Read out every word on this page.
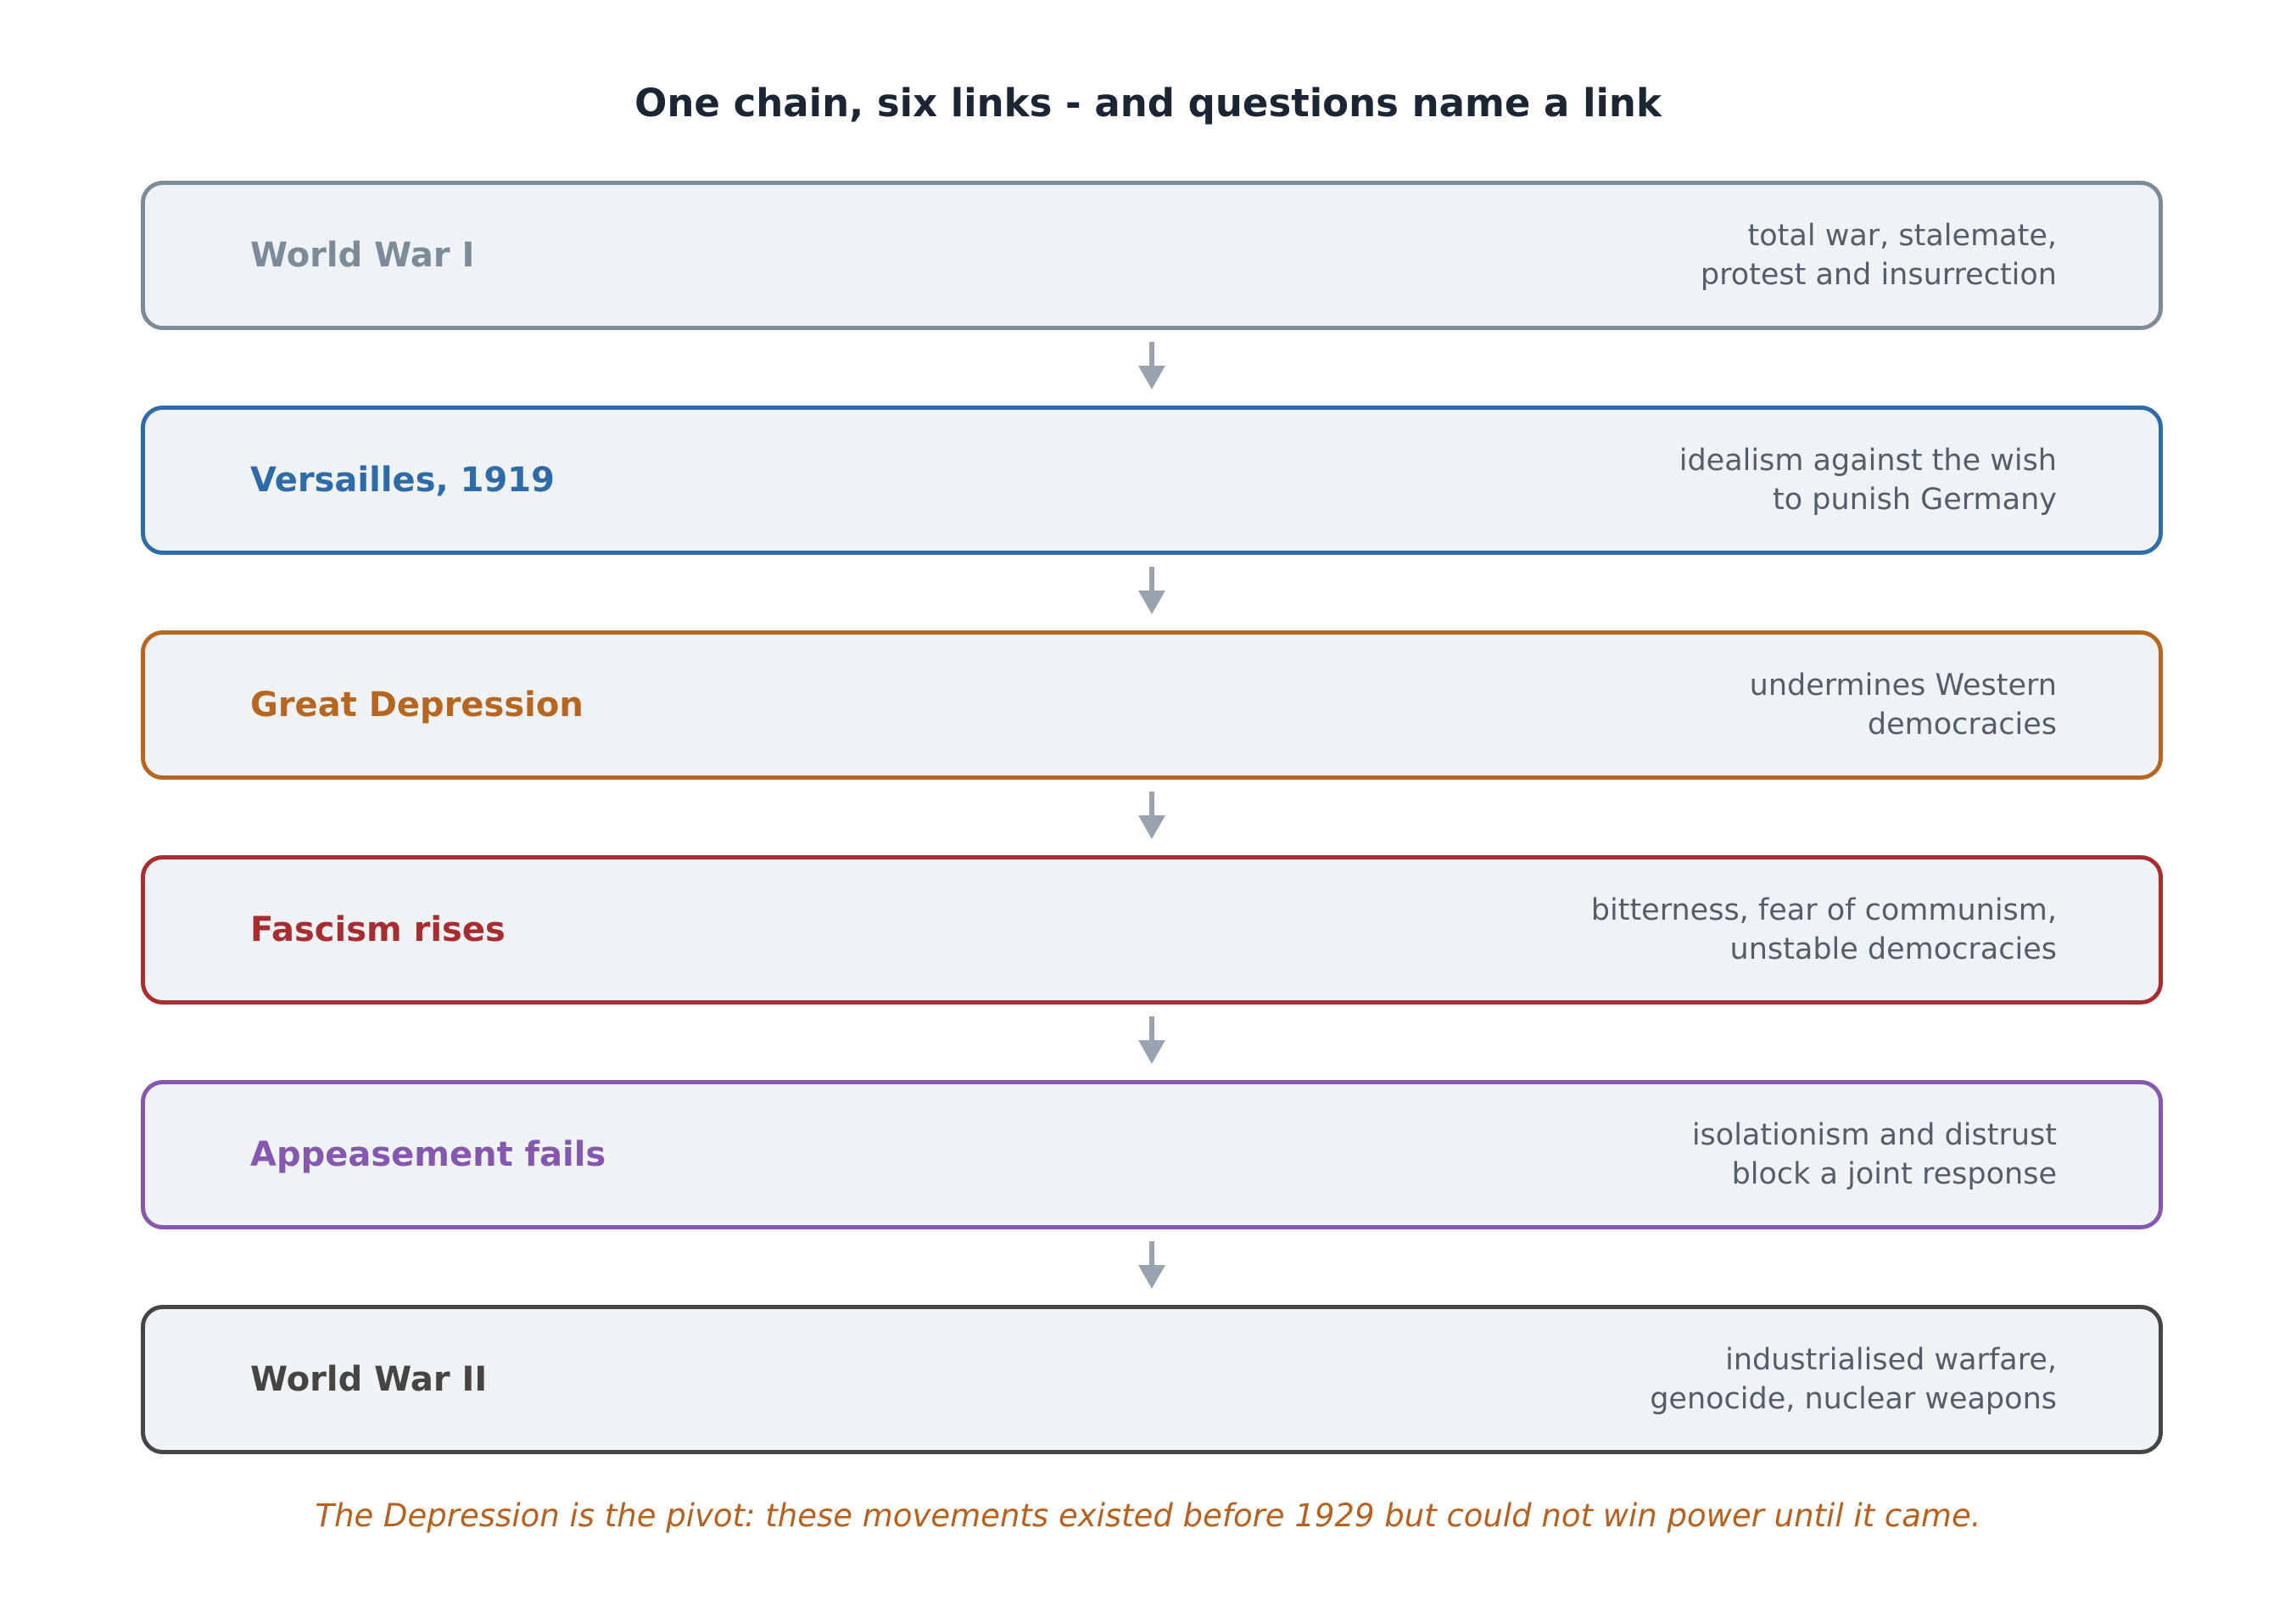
One chain, six links - and questions name a link
World War I	total war, stalemate,
protest and insurrection
Versailles, 1919	idealism against the wish
to punish Germany
Great Depression	undermines Western
democracies
Fascism rises	bitterness, fear of communism,
unstable democracies
Appeasement fails	isolationism and distrust
block a joint response
World War II	industrialised warfare,
genocide, nuclear weapons

The Depression is the pivot: these movements existed before 1929 but could not win power until it came.
